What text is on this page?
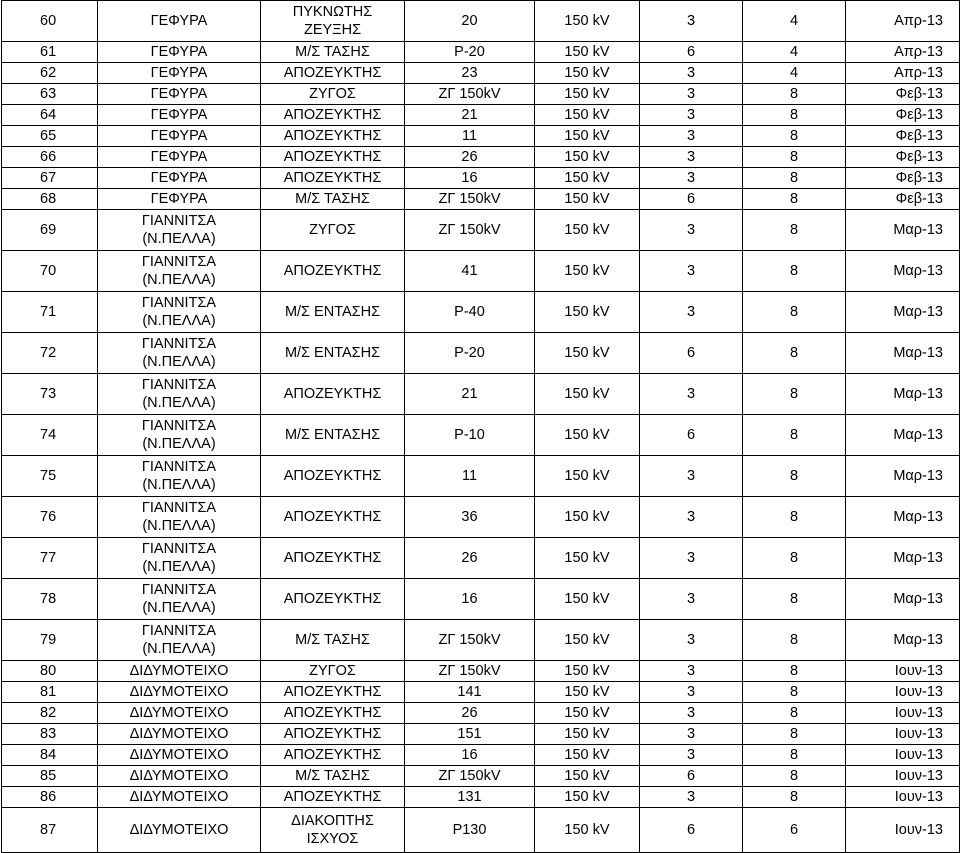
60	ΓΕΦΥΡΑ	ΠΥΚΝΩΤΗΣ
ΖΕΥΞΗΣ	20	150 kV	3	4	Απρ-13
61	ΓΕΦΥΡΑ	Μ/Σ ΤΑΣΗΣ	Ρ-20	150 kV	6	4	Απρ-13
62	ΓΕΦΥΡΑ	ΑΠΟΖΕΥΚΤΗΣ	23	150 kV	3	4	Απρ-13
63	ΓΕΦΥΡΑ	ΖΥΓΟΣ	ΖΓ 150kV	150 kV	3	8	Φεβ-13
64	ΓΕΦΥΡΑ	ΑΠΟΖΕΥΚΤΗΣ	21	150 kV	3	8	Φεβ-13
65	ΓΕΦΥΡΑ	ΑΠΟΖΕΥΚΤΗΣ	11	150 kV	3	8	Φεβ-13
66	ΓΕΦΥΡΑ	ΑΠΟΖΕΥΚΤΗΣ	26	150 kV	3	8	Φεβ-13
67	ΓΕΦΥΡΑ	ΑΠΟΖΕΥΚΤΗΣ	16	150 kV	3	8	Φεβ-13
68	ΓΕΦΥΡΑ	Μ/Σ ΤΑΣΗΣ	ΖΓ 150kV	150 kV	6	8	Φεβ-13
69	ΓΙΑΝΝΙΤΣΑ
(Ν.ΠΕΛΛΑ)	ΖΥΓΟΣ	ΖΓ 150kV	150 kV	3	8	Μαρ-13
70	ΓΙΑΝΝΙΤΣΑ
(Ν.ΠΕΛΛΑ)	ΑΠΟΖΕΥΚΤΗΣ	41	150 kV	3	8	Μαρ-13
71	ΓΙΑΝΝΙΤΣΑ
(Ν.ΠΕΛΛΑ)	Μ/Σ ΕΝΤΑΣΗΣ	Ρ-40	150 kV	3	8	Μαρ-13
72	ΓΙΑΝΝΙΤΣΑ
(Ν.ΠΕΛΛΑ)	Μ/Σ ΕΝΤΑΣΗΣ	Ρ-20	150 kV	6	8	Μαρ-13
73	ΓΙΑΝΝΙΤΣΑ
(Ν.ΠΕΛΛΑ)	ΑΠΟΖΕΥΚΤΗΣ	21	150 kV	3	8	Μαρ-13
74	ΓΙΑΝΝΙΤΣΑ
(Ν.ΠΕΛΛΑ)	Μ/Σ ΕΝΤΑΣΗΣ	Ρ-10	150 kV	6	8	Μαρ-13
75	ΓΙΑΝΝΙΤΣΑ
(Ν.ΠΕΛΛΑ)	ΑΠΟΖΕΥΚΤΗΣ	11	150 kV	3	8	Μαρ-13
76	ΓΙΑΝΝΙΤΣΑ
(Ν.ΠΕΛΛΑ)	ΑΠΟΖΕΥΚΤΗΣ	36	150 kV	3	8	Μαρ-13
77	ΓΙΑΝΝΙΤΣΑ
(Ν.ΠΕΛΛΑ)	ΑΠΟΖΕΥΚΤΗΣ	26	150 kV	3	8	Μαρ-13
78	ΓΙΑΝΝΙΤΣΑ
(Ν.ΠΕΛΛΑ)	ΑΠΟΖΕΥΚΤΗΣ	16	150 kV	3	8	Μαρ-13
79	ΓΙΑΝΝΙΤΣΑ
(Ν.ΠΕΛΛΑ)	Μ/Σ ΤΑΣΗΣ	ΖΓ 150kV	150 kV	3	8	Μαρ-13
80	ΔΙΔΥΜΟΤΕΙΧΟ	ΖΥΓΟΣ	ΖΓ 150kV	150 kV	3	8	Ιουν-13
81	ΔΙΔΥΜΟΤΕΙΧΟ	ΑΠΟΖΕΥΚΤΗΣ	141	150 kV	3	8	Ιουν-13
82	ΔΙΔΥΜΟΤΕΙΧΟ	ΑΠΟΖΕΥΚΤΗΣ	26	150 kV	3	8	Ιουν-13
83	ΔΙΔΥΜΟΤΕΙΧΟ	ΑΠΟΖΕΥΚΤΗΣ	151	150 kV	3	8	Ιουν-13
84	ΔΙΔΥΜΟΤΕΙΧΟ	ΑΠΟΖΕΥΚΤΗΣ	16	150 kV	3	8	Ιουν-13
85	ΔΙΔΥΜΟΤΕΙΧΟ	Μ/Σ ΤΑΣΗΣ	ΖΓ 150kV	150 kV	6	8	Ιουν-13
86	ΔΙΔΥΜΟΤΕΙΧΟ	ΑΠΟΖΕΥΚΤΗΣ	131	150 kV	3	8	Ιουν-13
87	ΔΙΔΥΜΟΤΕΙΧΟ	ΔΙΑΚΟΠΤΗΣ
ΙΣΧΥΟΣ	Ρ130	150 kV	6	6	Ιουν-13
